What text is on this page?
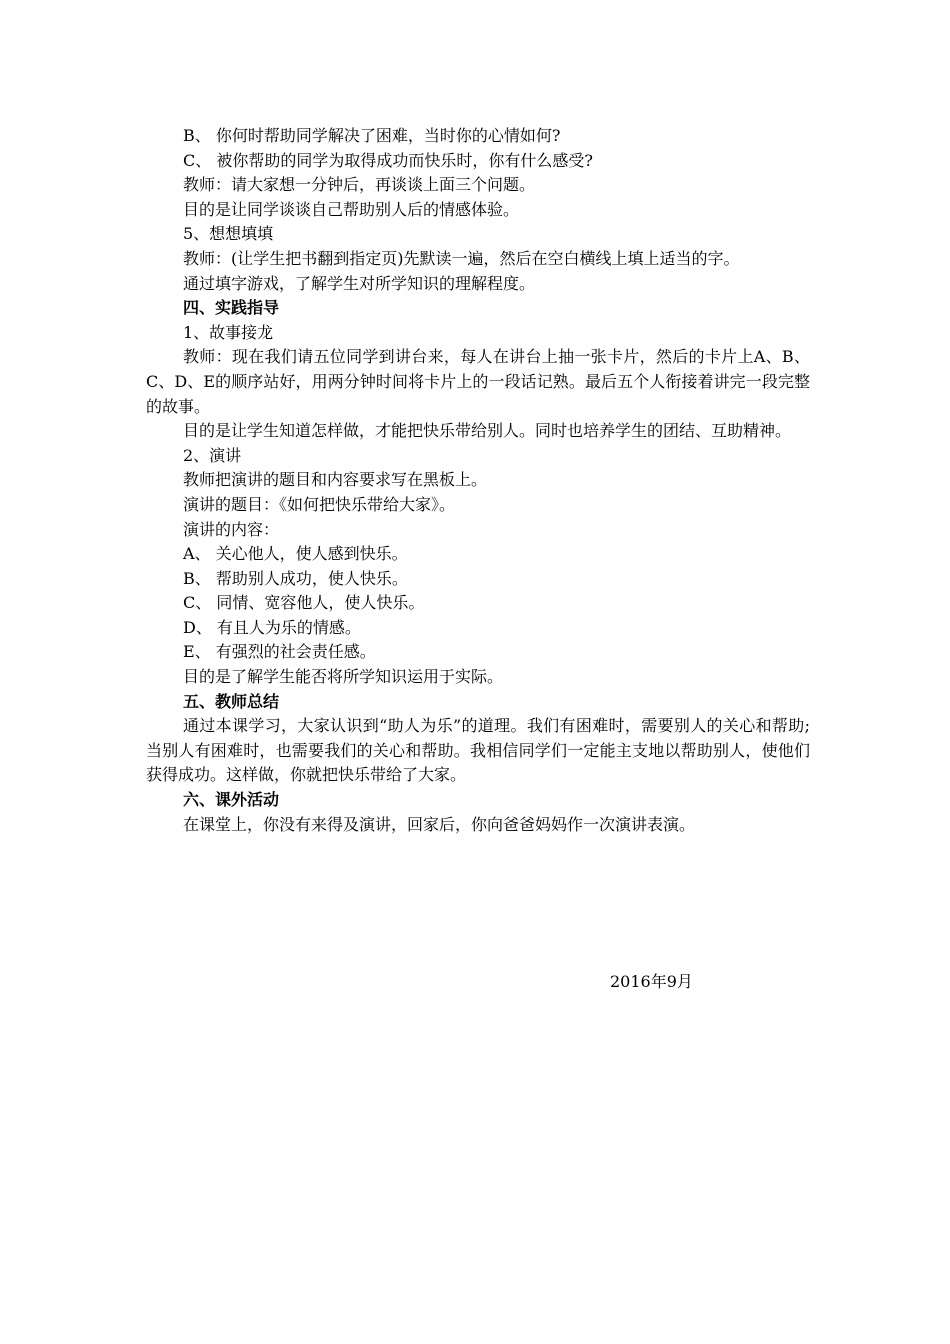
B、 你何时帮助同学解决了困难，当时你的心情如何?

C、 被你帮助的同学为取得成功而快乐时，你有什么感受?

教师：请大家想一分钟后，再谈谈上面三个问题。

目的是让同学谈谈自己帮助别人后的情感体验。

5、想想填填

教师：(让学生把书翻到指定页)先默读一遍，然后在空白横线上填上适当的字。

通过填字游戏，了解学生对所学知识的理解程度。

四、实践指导

1、故事接龙

教师：现在我们请五位同学到讲台来，每人在讲台上抽一张卡片，然后的卡片上A、B、C、D、E的顺序站好，用两分钟时间将卡片上的一段话记熟。最后五个人衔接着讲完一段完整的故事。

目的是让学生知道怎样做，才能把快乐带给别人。同时也培养学生的团结、互助精神。

2、演讲

教师把演讲的题目和内容要求写在黑板上。

演讲的题目：《如何把快乐带给大家》。

演讲的内容：

A、 关心他人，使人感到快乐。

B、 帮助别人成功，使人快乐。

C、 同情、宽容他人，使人快乐。

D、 有且人为乐的情感。

E、 有强烈的社会责任感。

目的是了解学生能否将所学知识运用于实际。

五、教师总结

通过本课学习，大家认识到“助人为乐”的道理。我们有困难时，需要别人的关心和帮助;当别人有困难时，也需要我们的关心和帮助。我相信同学们一定能主支地以帮助别人，使他们获得成功。这样做，你就把快乐带给了大家。

六、课外活动

在课堂上，你没有来得及演讲，回家后，你向爸爸妈妈作一次演讲表演。

2016年9月
